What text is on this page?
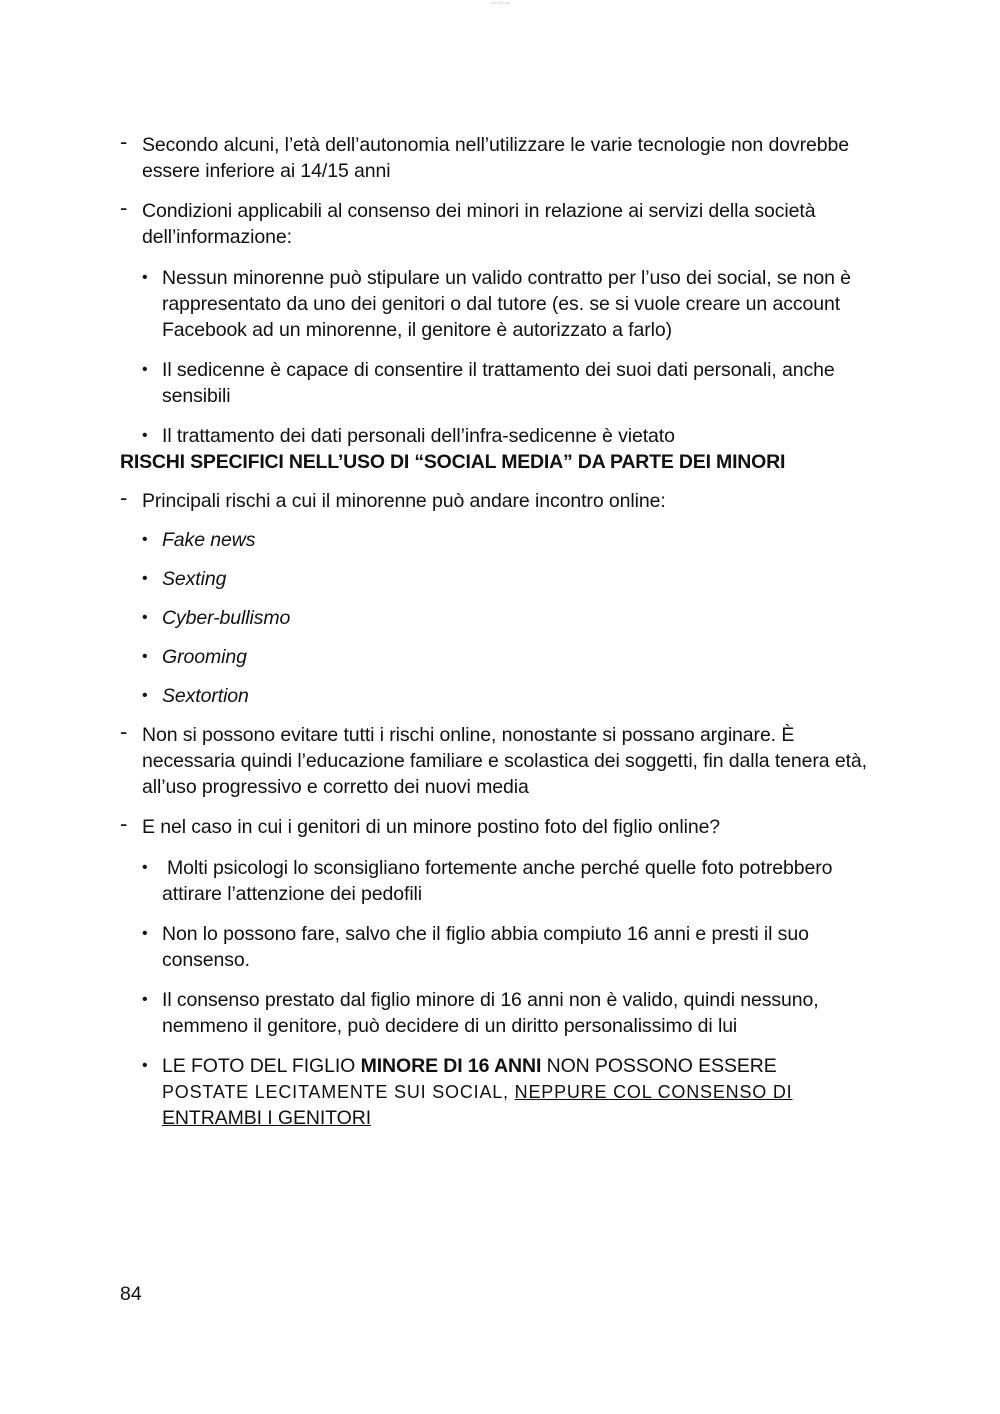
Libri Ebook
- Secondo alcuni, l’età dell’autonomia nell’utilizzare le varie tecnologie non dovrebbe essere inferiore ai 14/15 anni
- Condizioni applicabili al consenso dei minori in relazione ai servizi della società dell’informazione:
• Nessun minorenne può stipulare un valido contratto per l’uso dei social, se non è rappresentato da uno dei genitori o dal tutore (es. se si vuole creare un account Facebook ad un minorenne, il genitore è autorizzato a farlo)
• Il sedicenne è capace di consentire il trattamento dei suoi dati personali, anche sensibili
• Il trattamento dei dati personali dell’infra-sedicenne è vietato
RISCHI SPECIFICI NELL’USO DI “SOCIAL MEDIA” DA PARTE DEI MINORI
- Principali rischi a cui il minorenne può andare incontro online:
• Fake news
• Sexting
• Cyber-bullismo
• Grooming
• Sextortion
- Non si possono evitare tutti i rischi online, nonostante si possano arginare. È necessaria quindi l’educazione familiare e scolastica dei soggetti, fin dalla tenera età, all’uso progressivo e corretto dei nuovi media
- E nel caso in cui i genitori di un minore postino foto del figlio online?
• Molti psicologi lo sconsigliano fortemente anche perché quelle foto potrebbero attirare l’attenzione dei pedofili
• Non lo possono fare, salvo che il figlio abbia compiuto 16 anni e presti il suo consenso.
• Il consenso prestato dal figlio minore di 16 anni non è valido, quindi nessuno, nemmeno il genitore, può decidere di un diritto personalissimo di lui
• LE FOTO DEL FIGLIO MINORE DI 16 ANNI NON POSSONO ESSERE
POSTATE LECITAMENTE SUI SOCIAL, NEPPURE COL CONSENSO DI
ENTRAMBI I GENITORI
84
